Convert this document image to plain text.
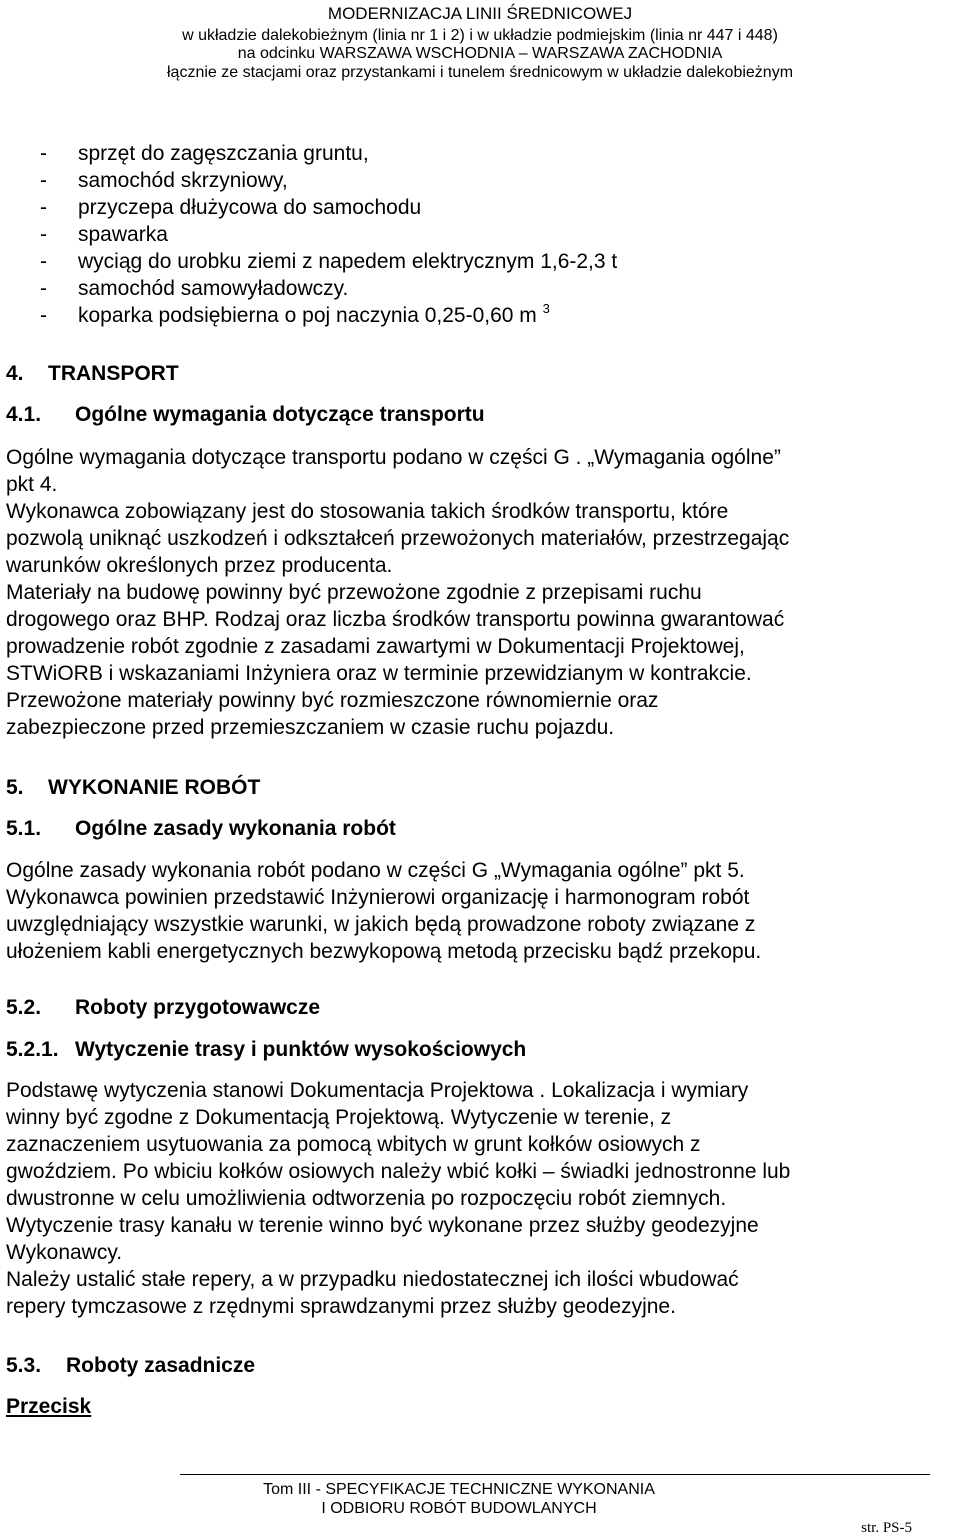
MODERNIZACJA LINII ŚREDNICOWEJ
w układzie dalekobieżnym (linia nr 1 i 2) i w układzie podmiejskim (linia nr 447 i 448)
na odcinku WARSZAWA WSCHODNIA – WARSZAWA ZACHODNIA
łącznie ze stacjami oraz przystankami i tunelem średnicowym w układzie dalekobieżnym
- sprzęt do zagęszczania gruntu,
- samochód skrzyniowy,
- przyczepa dłużycowa do samochodu
- spawarka
- wyciąg do urobku ziemi z napedem elektrycznym 1,6-2,3 t
- samochód samowyładowczy.
- koparka podsiębierna o poj naczynia 0,25-0,60 m $^3$
4. TRANSPORT
4.1. Ogólne wymagania dotyczące transportu
Ogólne wymagania dotyczące transportu podano w części G . „Wymagania ogólne”
pkt 4.
Wykonawca zobowiązany jest do stosowania takich środków transportu, które
pozwolą uniknąć uszkodzeń i odkształceń przewożonych materiałów, przestrzegając
warunków określonych przez producenta.
Materiały na budowę powinny być przewożone zgodnie z przepisami ruchu
drogowego oraz BHP. Rodzaj oraz liczba środków transportu powinna gwarantować
prowadzenie robót zgodnie z zasadami zawartymi w Dokumentacji Projektowej,
STWiORB i wskazaniami Inżyniera oraz w terminie przewidzianym w kontrakcie.
Przewożone materiały powinny być rozmieszczone równomiernie oraz
zabezpieczone przed przemieszczaniem w czasie ruchu pojazdu.
5. WYKONANIE ROBÓT
5.1. Ogólne zasady wykonania robót
Ogólne zasady wykonania robót podano w części G „Wymagania ogólne” pkt 5.
Wykonawca powinien przedstawić Inżynierowi organizację i harmonogram robót
uwzględniający wszystkie warunki, w jakich będą prowadzone roboty związane z
ułożeniem kabli energetycznych bezwykopową metodą przecisku bądź przekopu.
5.2. Roboty przygotowawcze
5.2.1. Wytyczenie trasy i punktów wysokościowych
Podstawę wytyczenia stanowi Dokumentacja Projektowa . Lokalizacja i wymiary
winny być zgodne z Dokumentacją Projektową. Wytyczenie w terenie, z
zaznaczeniem usytuowania za pomocą wbitych w grunt kołków osiowych z
gwoździem. Po wbiciu kołków osiowych należy wbić kołki – świadki jednostronne lub
dwustronne w celu umożliwienia odtworzenia po rozpoczęciu robót ziemnych.
Wytyczenie trasy kanału w terenie winno być wykonane przez służby geodezyjne
Wykonawcy.
Należy ustalić stałe repery, a w przypadku niedostatecznej ich ilości wbudować
repery tymczasowe z rzędnymi sprawdzanymi przez służby geodezyjne.
5.3. Roboty zasadnicze
Przecisk
Tom III - SPECYFIKACJE TECHNICZNE WYKONANIA
I ODBIORU ROBÓT BUDOWLANYCH
str. PS-5
